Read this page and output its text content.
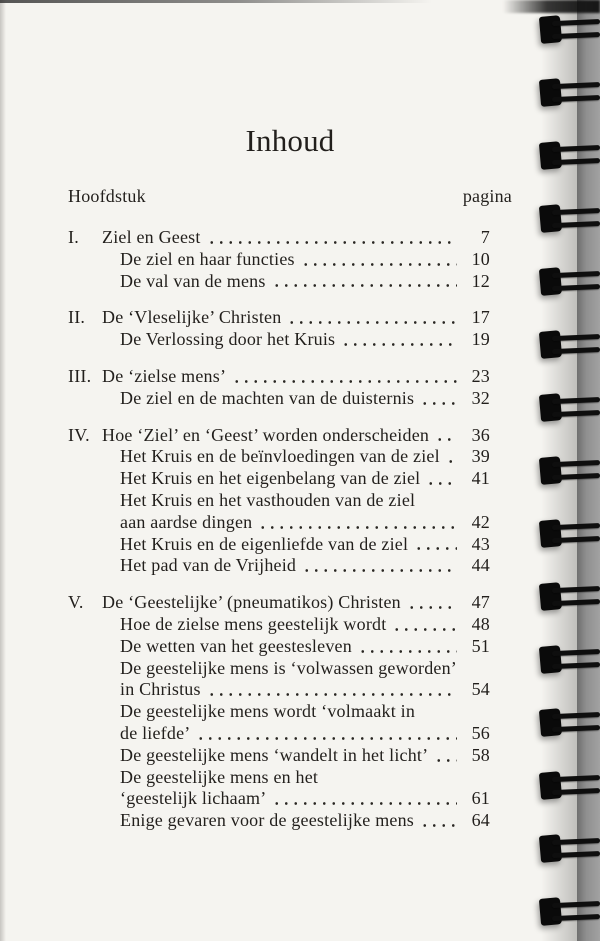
Inhoud
Hoofdstuk	pagina
I.	Ziel en Geest	7
De ziel en haar functies	10
De val van de mens	12
II. De ‘Vleselijke’ Christen	17
De Verlossing door het Kruis	19
III. De ‘zielse mens’	23
De ziel en de machten van de duisternis	32
IV. Hoe ‘Ziel’ en ‘Geest’ worden onderscheiden	36
Het Kruis en de beïnvloedingen van de ziel	39
Het Kruis en het eigenbelang van de ziel	41
Het Kruis en het vasthouden van de ziel
aan aardse dingen	42
Het Kruis en de eigenliefde van de ziel	43
Het pad van de Vrijheid	44
V.	De ‘Geestelijke’ (pneumatikos) Christen	47
Hoe de zielse mens geestelijk wordt	48
De wetten van het geestesleven	51
De geestelijke mens is ‘volwassen geworden’
in Christus	54
De geestelijke mens wordt ‘volmaakt in
de liefde’	56
De geestelijke mens ‘wandelt in het licht’	58
De geestelijke mens en het
‘geestelijk lichaam’	61
Enige gevaren voor de geestelijke mens	64
